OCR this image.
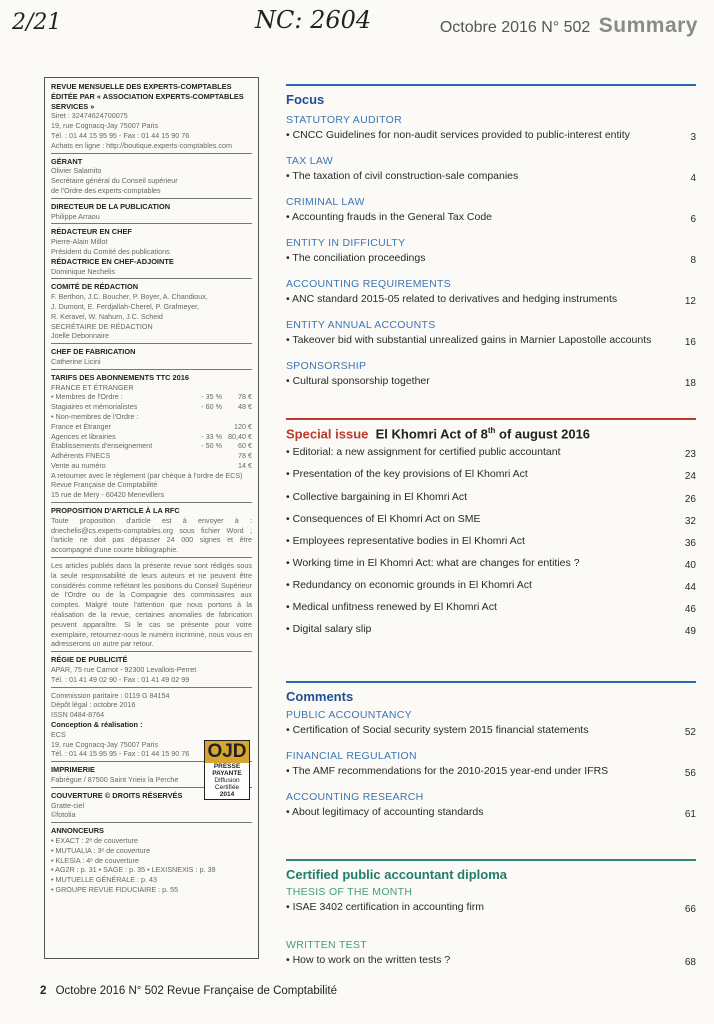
2/21	NC: 2604	Octobre 2016 N° 502 Summary
REVUE MENSUELLE DES EXPERTS-COMPTABLES ÉDITÉE PAR « ASSOCIATION EXPERTS-COMPTABLES SERVICES »
Siret : 32474624700075
19, rue Cognacq-Jay 75007 Paris
Tél. : 01 44 15 95 95 - Fax : 01 44 15 90 76
Achats en ligne : http://boutique.experts-comptables.com
GÉRANT
Olivier Salamito
Secrétaire général du Conseil supérieur
de l'Ordre des experts-comptables
DIRECTEUR DE LA PUBLICATION
Philippe Arraou
RÉDACTEUR EN CHEF
Pierre-Alain Millot
Président du Comité des publications
RÉDACTRICE EN CHEF-ADJOINTE
Dominique Nechelis
COMITÉ DE RÉDACTION
F. Berthon, J.C. Boucher, P. Boyer, A. Chandioux,
J. Dumont, E. Ferdjallah-Cherel, P. Grafmeyer,
R. Keravel, W. Nahum, J.C. Scheid
SECRÉTAIRE DE RÉDACTION
Joelle Debonnaire
CHEF DE FABRICATION
Catherine Licini
TARIFS DES ABONNEMENTS TTC 2016
FRANCE ET ÉTRANGER
• Membres de l'Ordre :	- 35 %	78 €
Stagiaires et mémorialistes	- 60 %	48 €
• Non-membres de l'Ordre :
France et Étranger	120 €
Agences et librairies	- 33 % 80,40 €
Établissements d'enseignement	- 50 %	60 €
Adhérents FNECS	78 €
Vente au numéro	14 €
A retourner avec le règlement (par chèque à l'ordre de ECS)
Revue Française de Comptabilité
15 rue de Mery - 60420 Menevillers
PROPOSITION D'ARTICLE À LA RFC
Toute proposition d'article est à envoyer à : dnechelis@cs.experts-comptables.org sous fichier Word ; l'article ne doit pas dépasser 24 000 signes et être accompagné d'une courte bibliographie.
Les articles publiés dans la présente revue sont rédigés sous la seule responsabilité de leurs auteurs et ne peuvent être considérés comme reflétant les positions du Conseil Supérieur de l'Ordre ou de la Compagnie des commissaires aux comptes. Malgré toute l'attention que nous portons à la réalisation de la revue, certaines anomalies de fabrication peuvent apparaître. Si le cas se présente pour votre exemplaire, retournez-nous le numéro incriminé, nous vous en adresserons un autre par retour.
RÉGIE DE PUBLICITÉ
APAR, 75 rue Carnot - 92300 Levallois-Perret
Tél. : 01 41 49 02 90 - Fax : 01 41 49 02 99
Commission paritaire : 0119 G 84154
Dépôt légal : octobre 2016
ISSN 0484-8764
Conception & réalisation :
ECS
19, rue Cognacq-Jay 75007 Paris
Tél. : 01 44 15 95 95 - Fax : 01 44 15 90 76
IMPRIMERIE
Fabrègue / 87500 Saint Yrieix la Perche
COUVERTURE © DROITS RÉSERVÉS
Gratte-ciel
©fotolia
ANNONCEURS
• EXACT : 2ᵉ de couverture
• MUTUALIA : 3ᵉ de couverture
• KLESIA : 4ᵉ de couverture
• AG2R : p. 31 • SAGE : p. 35 • LEXISNEXIS : p. 39
• MUTUELLE GÉNÉRALE : p. 43
• GROUPE REVUE FIDUCIAIRE : p. 55
OJD
PRESSE
PAYANTE
Diffusion
Certifiée
2014
Focus
STATUTORY AUDITOR
• CNCC Guidelines for non-audit services provided to public-interest entity	3
TAX LAW
• The taxation of civil construction-sale companies	4
CRIMINAL LAW
• Accounting frauds in the General Tax Code	6
ENTITY IN DIFFICULTY
• The conciliation proceedings	8
ACCOUNTING REQUIREMENTS
• ANC standard 2015-05 related to derivatives and hedging instruments	12
ENTITY ANNUAL ACCOUNTS
• Takeover bid with substantial unrealized gains in Marnier Lapostolle accounts	16
SPONSORSHIP
• Cultural sponsorship together	18
Special issue El Khomri Act of 8th of august 2016
• Editorial: a new assignment for certified public accountant	23
• Presentation of the key provisions of El Khomri Act	24
• Collective bargaining in El Khomri Act	26
• Consequences of El Khomri Act on SME	32
• Employees representative bodies in El Khomri Act	36
• Working time in El Khomri Act: what are changes for entities ?	40
• Redundancy on economic grounds in El Khomri Act	44
• Medical unfitness renewed by El Khomri Act	46
• Digital salary slip	49
Comments
PUBLIC ACCOUNTANCY
• Certification of Social security system 2015 financial statements	52
FINANCIAL REGULATION
• The AMF recommendations for the 2010-2015 year-end under IFRS	56
ACCOUNTING RESEARCH
• About legitimacy of accounting standards	61
Certified public accountant diploma
THESIS OF THE MONTH
• ISAE 3402 certification in accounting firm	66
WRITTEN TEST
• How to work on the written tests ?	68
2 Octobre 2016 N° 502 Revue Française de Comptabilité
